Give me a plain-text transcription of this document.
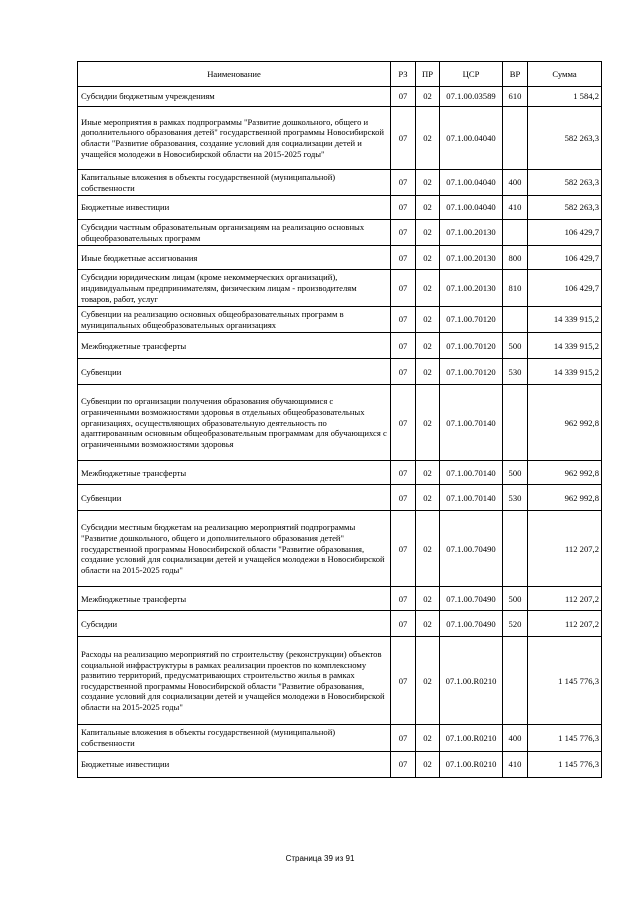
Наименование	РЗ	ПР	ЦСР	ВР	Сумма
Субсидии бюджетным учреждениям	07	02	07.1.00.03589	610	1 584,2
Иные мероприятия в рамках подпрограммы "Развитие дошкольного, общего и дополнительного образования детей" государственной программы Новосибирской области "Развитие образования, создание условий для социализации детей и учащейся молодежи в Новосибирской области на 2015-2025 годы"	07	02	07.1.00.04040		582 263,3
Капитальные вложения в объекты государственной (муниципальной) собственности	07	02	07.1.00.04040	400	582 263,3
Бюджетные инвестиции	07	02	07.1.00.04040	410	582 263,3
Субсидии частным образовательным организациям на реализацию основных общеобразовательных программ	07	02	07.1.00.20130		106 429,7
Иные бюджетные ассигнования	07	02	07.1.00.20130	800	106 429,7
Субсидии юридическим лицам (кроме некоммерческих организаций), индивидуальным предпринимателям, физическим лицам - производителям товаров, работ, услуг	07	02	07.1.00.20130	810	106 429,7
Субвенции на реализацию основных общеобразовательных программ в муниципальных общеобразовательных организациях	07	02	07.1.00.70120		14 339 915,2
Межбюджетные трансферты	07	02	07.1.00.70120	500	14 339 915,2
Субвенции	07	02	07.1.00.70120	530	14 339 915,2
Субвенции по организации получения образования обучающимися с ограниченными возможностями здоровья в отдельных общеобразовательных организациях, осуществляющих образовательную деятельность по адаптированным основным общеобразовательным программам для обучающихся с ограниченными возможностями здоровья	07	02	07.1.00.70140		962 992,8
Межбюджетные трансферты	07	02	07.1.00.70140	500	962 992,8
Субвенции	07	02	07.1.00.70140	530	962 992,8
Субсидии местным бюджетам на реализацию мероприятий подпрограммы "Развитие дошкольного, общего и дополнительного образования детей" государственной программы Новосибирской области "Развитие образования, создание условий для социализации детей и учащейся молодежи в Новосибирской области на 2015-2025 годы"	07	02	07.1.00.70490		112 207,2
Межбюджетные трансферты	07	02	07.1.00.70490	500	112 207,2
Субсидии	07	02	07.1.00.70490	520	112 207,2
Расходы на реализацию мероприятий по строительству (реконструкции) объектов социальной инфраструктуры в рамках реализации проектов по комплексному развитию территорий, предусматривающих строительство жилья в рамках государственной программы Новосибирской области "Развитие образования, создание условий для социализации детей и учащейся молодежи в Новосибирской области на 2015-2025 годы"	07	02	07.1.00.R0210		1 145 776,3
Капитальные вложения в объекты государственной (муниципальной) собственности	07	02	07.1.00.R0210	400	1 145 776,3
Бюджетные инвестиции	07	02	07.1.00.R0210	410	1 145 776,3
Страница 39 из 91
